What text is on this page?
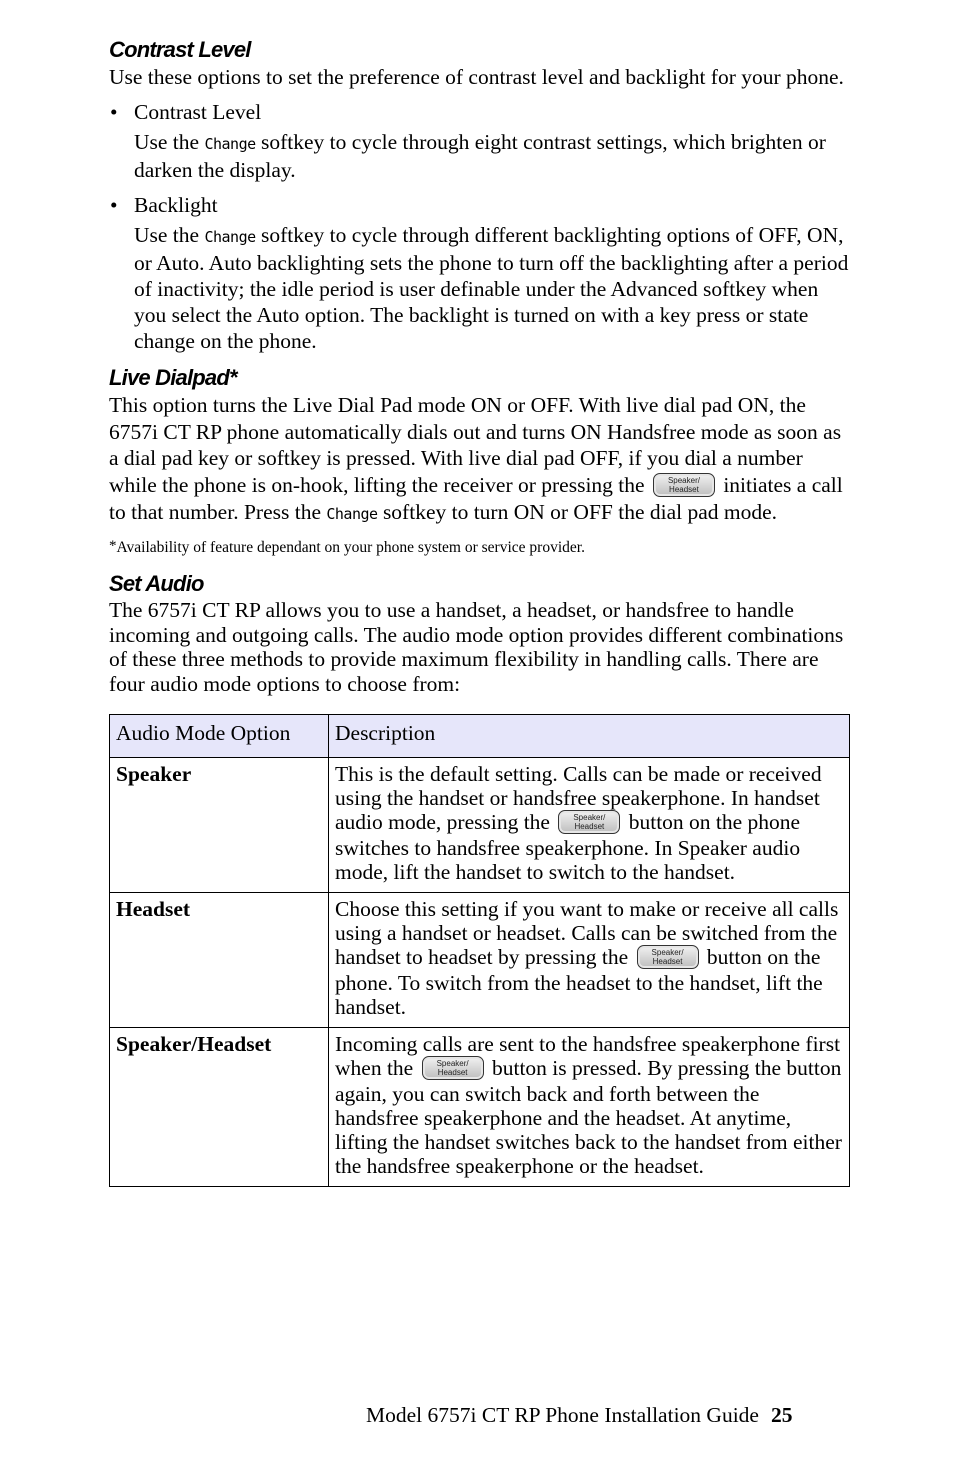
Contrast Level

Use these options to set the preference of contrast level and backlight for your phone.

• Contrast Level

Use the Change softkey to cycle through eight contrast settings, which brighten or darken the display.

• Backlight

Use the Change softkey to cycle through different backlighting options of OFF, ON, or Auto. Auto backlighting sets the phone to turn off the backlighting after a period of inactivity; the idle period is user definable under the Advanced softkey when you select the Auto option. The backlight is turned on with a key press or state change on the phone.

Live Dialpad*

This option turns the Live Dial Pad mode ON or OFF. With live dial pad ON, the 6757i CT RP phone automatically dials out and turns ON Handsfree mode as soon as a dial pad key or softkey is pressed. With live dial pad OFF, if you dial a number while the phone is on-hook, lifting the receiver or pressing the Speaker/
Headset initiates a call to that number. Press the Change softkey to turn ON or OFF the dial pad mode.

*Availability of feature dependant on your phone system or service provider.

Set Audio

The 6757i CT RP allows you to use a handset, a headset, or handsfree to handle incoming and outgoing calls. The audio mode option provides different combinations of these three methods to provide maximum flexibility in handling calls. There are four audio mode options to choose from:

Audio Mode Option	Description
Speaker	This is the default setting. Calls can be made or received using the handset or handsfree speakerphone. In handset audio mode, pressing the Speaker/
Headset button on the phone switches to handsfree speakerphone. In Speaker audio mode, lift the handset to switch to the handset.
Headset	Choose this setting if you want to make or receive all calls using a handset or headset. Calls can be switched from the handset to headset by pressing the Speaker/
Headset button on the phone. To switch from the headset to the handset, lift the handset.
Speaker/Headset	Incoming calls are sent to the handsfree speakerphone first when the Speaker/
Headset button is pressed. By pressing the button again, you can switch back and forth between the handsfree speakerphone and the headset. At anytime, lifting the handset switches back to the handset from either the handsfree speakerphone or the headset.
Model 6757i CT RP Phone Installation Guide 25
